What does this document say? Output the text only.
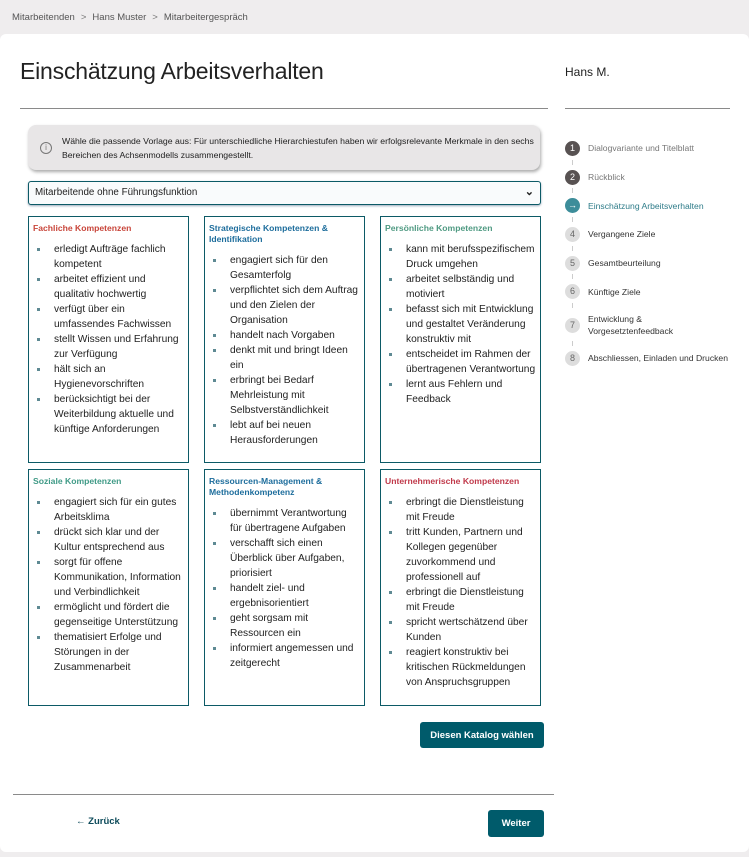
Mitarbeitenden > Hans Muster > Mitarbeitergespräch
Einschätzung Arbeitsverhalten
i

Wähle die passende Vorlage aus: Für unterschiedliche Hierarchiestufen haben wir erfolgsrelevante Merkmale in den sechs Bereichen des Achsenmodells zusammengestellt.

Mitarbeitende ohne Führungsfunktion	⌄
Fachliche Kompetenzen
erledigt Aufträge fachlich kompetent
arbeitet effizient und qualitativ hochwertig
verfügt über ein umfassendes Fachwissen
stellt Wissen und Erfahrung zur Verfügung
hält sich an Hygienevorschriften
berücksichtigt bei der Weiterbildung aktuelle und künftige Anforderungen
Strategische Kompetenzen & Identifikation
engagiert sich für den Gesamterfolg
verpflichtet sich dem Auftrag und den Zielen der Organisation
handelt nach Vorgaben
denkt mit und bringt Ideen ein
erbringt bei Bedarf Mehrleistung mit Selbstverständlichkeit
lebt auf bei neuen Herausforderungen
Persönliche Kompetenzen
kann mit berufsspezifischem Druck umgehen
arbeitet selbständig und motiviert
befasst sich mit Entwicklung und gestaltet Veränderung konstruktiv mit
entscheidet im Rahmen der übertragenen Verantwortung
lernt aus Fehlern und Feedback
Soziale Kompetenzen
engagiert sich für ein gutes Arbeitsklima
drückt sich klar und der Kultur entsprechend aus
sorgt für offene Kommunikation, Information und Verbindlichkeit
ermöglicht und fördert die gegenseitige Unterstützung
thematisiert Erfolge und Störungen in der Zusammenarbeit
Ressourcen-Management & Methodenkompetenz
übernimmt Verantwortung für übertragene Aufgaben
verschafft sich einen Überblick über Aufgaben, priorisiert
handelt ziel- und ergebnisorientiert
geht sorgsam mit Ressourcen ein
informiert angemessen und zeitgerecht
Unternehmerische Kompetenzen
erbringt die Dienstleistung mit Freude
tritt Kunden, Partnern und Kollegen gegenüber zuvorkommend und professionell auf
erbringt die Dienstleistung mit Freude
spricht wertschätzend über Kunden
reagiert konstruktiv bei kritischen Rückmeldungen von Anspruchsgruppen
Diesen Katalog wählen
← Zurück	Weiter
Hans M.
1	Dialogvariante und Titelblatt
2	Rückblick
→	Einschätzung Arbeitsverhalten
4	Vergangene Ziele
5	Gesamtbeurteilung
6	Künftige Ziele
7
Entwicklung & Vorgesetztenfeedback
8	Abschliessen, Einladen und Drucken
